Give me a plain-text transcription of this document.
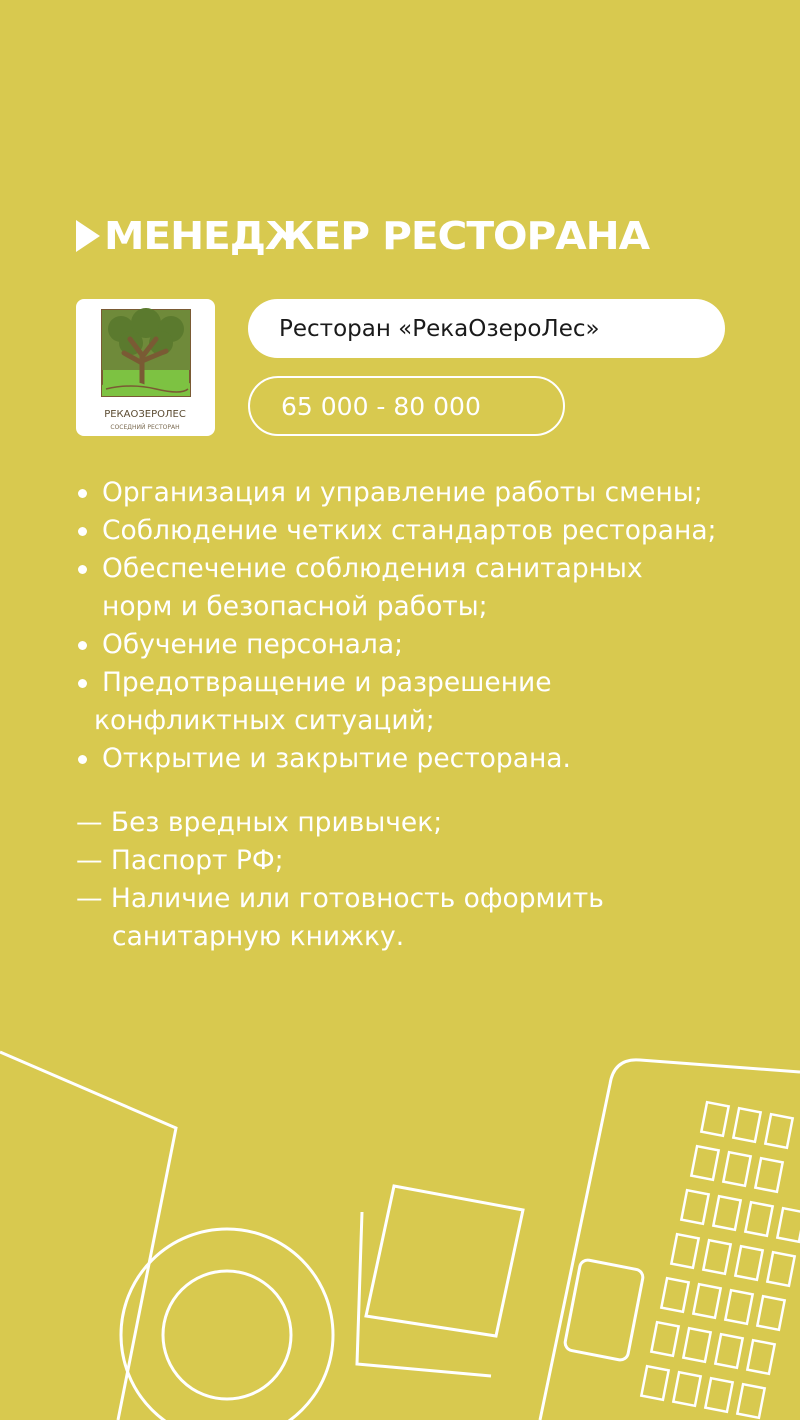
МЕНЕДЖЕР РЕСТОРАНА
РЕКАОЗЕРОЛЕС
СОСЕДНИЙ РЕСТОРАН
Ресторан «РекаОзероЛес»
65 000 - 80 000
Организация и управление работы смены;
Соблюдение четких стандартов ресторана;
Обеспечение соблюдения санитарных
норм и безопасной работы;
Обучение персонала;
Предотвращение и разрешение
конфликтных ситуаций;
Открытие и закрытие ресторана.
— Без вредных привычек;
— Паспорт РФ;
— Наличие или готовность оформить
санитарную книжку.
